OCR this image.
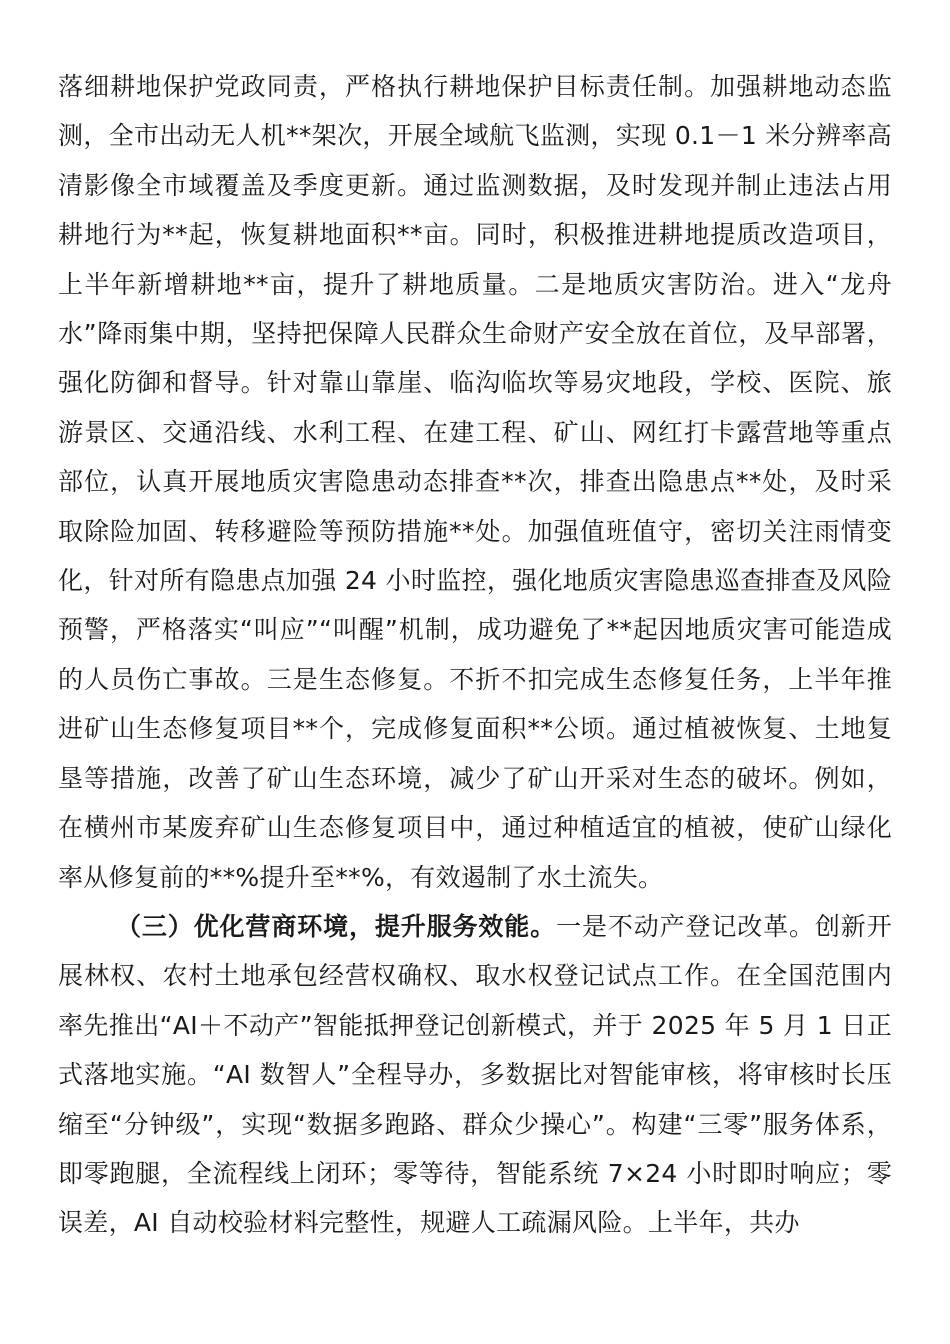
落细耕地保护党政同责，严格执行耕地保护目标责任制。加强耕地动态监测，全市出动无人机**架次，开展全域航飞监测，实现 0.1－1 米分辨率高清影像全市域覆盖及季度更新。通过监测数据，及时发现并制止违法占用耕地行为**起，恢复耕地面积**亩。同时，积极推进耕地提质改造项目，上半年新增耕地**亩，提升了耕地质量。二是地质灾害防治。进入“龙舟水”降雨集中期，坚持把保障人民群众生命财产安全放在首位，及早部署，强化防御和督导。针对靠山靠崖、临沟临坎等易灾地段，学校、医院、旅游景区、交通沿线、水利工程、在建工程、矿山、网红打卡露营地等重点部位，认真开展地质灾害隐患动态排查**次，排查出隐患点**处，及时采取除险加固、转移避险等预防措施**处。加强值班值守，密切关注雨情变化，针对所有隐患点加强 24 小时监控，强化地质灾害隐患巡查排查及风险预警，严格落实“叫应”“叫醒”机制，成功避免了**起因地质灾害可能造成的人员伤亡事故。三是生态修复。不折不扣完成生态修复任务，上半年推进矿山生态修复项目**个，完成修复面积**公顷。通过植被恢复、土地复垦等措施，改善了矿山生态环境，减少了矿山开采对生态的破坏。例如，在横州市某废弃矿山生态修复项目中，通过种植适宜的植被，使矿山绿化率从修复前的**%提升至**%，有效遏制了水土流失。

（三）优化营商环境，提升服务效能。一是不动产登记改革。创新开展林权、农村土地承包经营权确权、取水权登记试点工作。在全国范围内率先推出“AI＋不动产”智能抵押登记创新模式，并于 2025 年 5 月 1 日正式落地实施。“AI 数智人”全程导办，多数据比对智能审核，将审核时长压缩至“分钟级”，实现“数据多跑路、群众少操心”。构建“三零”服务体系，即零跑腿，全流程线上闭环；零等待，智能系统 7×24 小时即时响应；零误差，AI 自动校验材料完整性，规避人工疏漏风险。上半年，共办
